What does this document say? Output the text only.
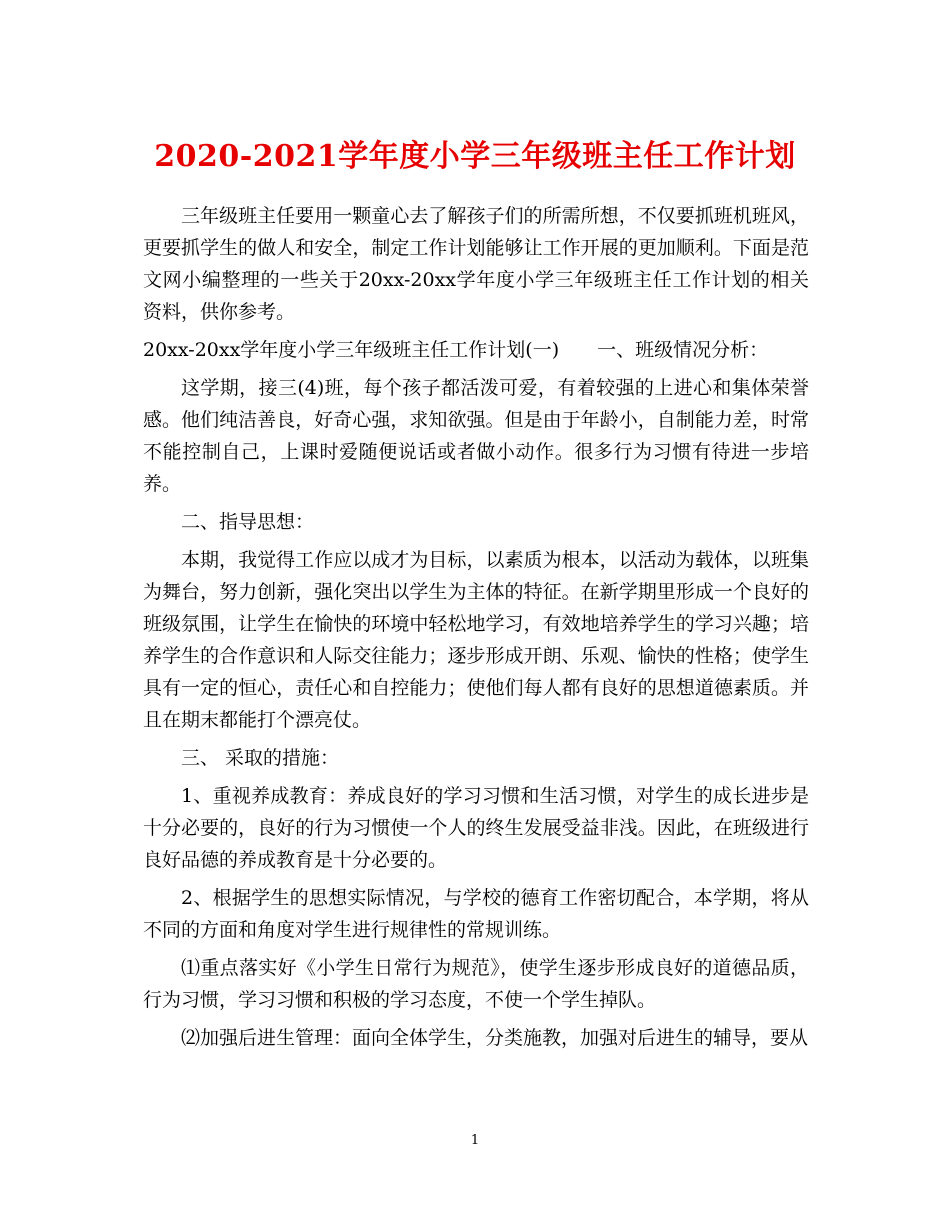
2020-2021学年度小学三年级班主任工作计划

三年级班主任要用一颗童心去了解孩子们的所需所想，不仅要抓班机班风，更要抓学生的做人和安全，制定工作计划能够让工作开展的更加顺利。下面是范文网小编整理的一些关于20xx-20xx学年度小学三年级班主任工作计划的相关资料，供你参考。

20xx-20xx学年度小学三年级班主任工作计划(一)　　一、班级情况分析：

这学期，接三(4)班，每个孩子都活泼可爱，有着较强的上进心和集体荣誉感。他们纯洁善良，好奇心强，求知欲强。但是由于年龄小，自制能力差，时常不能控制自己，上课时爱随便说话或者做小动作。很多行为习惯有待进一步培养。

二、指导思想：

本期，我觉得工作应以成才为目标，以素质为根本，以活动为载体，以班集为舞台，努力创新，强化突出以学生为主体的特征。在新学期里形成一个良好的班级氛围，让学生在愉快的环境中轻松地学习，有效地培养学生的学习兴趣；培养学生的合作意识和人际交往能力；逐步形成开朗、乐观、愉快的性格；使学生具有一定的恒心，责任心和自控能力；使他们每人都有良好的思想道德素质。并且在期末都能打个漂亮仗。

三、 采取的措施：

1、重视养成教育：养成良好的学习习惯和生活习惯，对学生的成长进步是十分必要的，良好的行为习惯使一个人的终生发展受益非浅。因此，在班级进行良好品德的养成教育是十分必要的。

2、根据学生的思想实际情况，与学校的德育工作密切配合，本学期，将从不同的方面和角度对学生进行规律性的常规训练。

⑴重点落实好《小学生日常行为规范》，使学生逐步形成良好的道德品质，行为习惯，学习习惯和积极的学习态度，不使一个学生掉队。

⑵加强后进生管理：面向全体学生，分类施教，加强对后进生的辅导，要从

1
